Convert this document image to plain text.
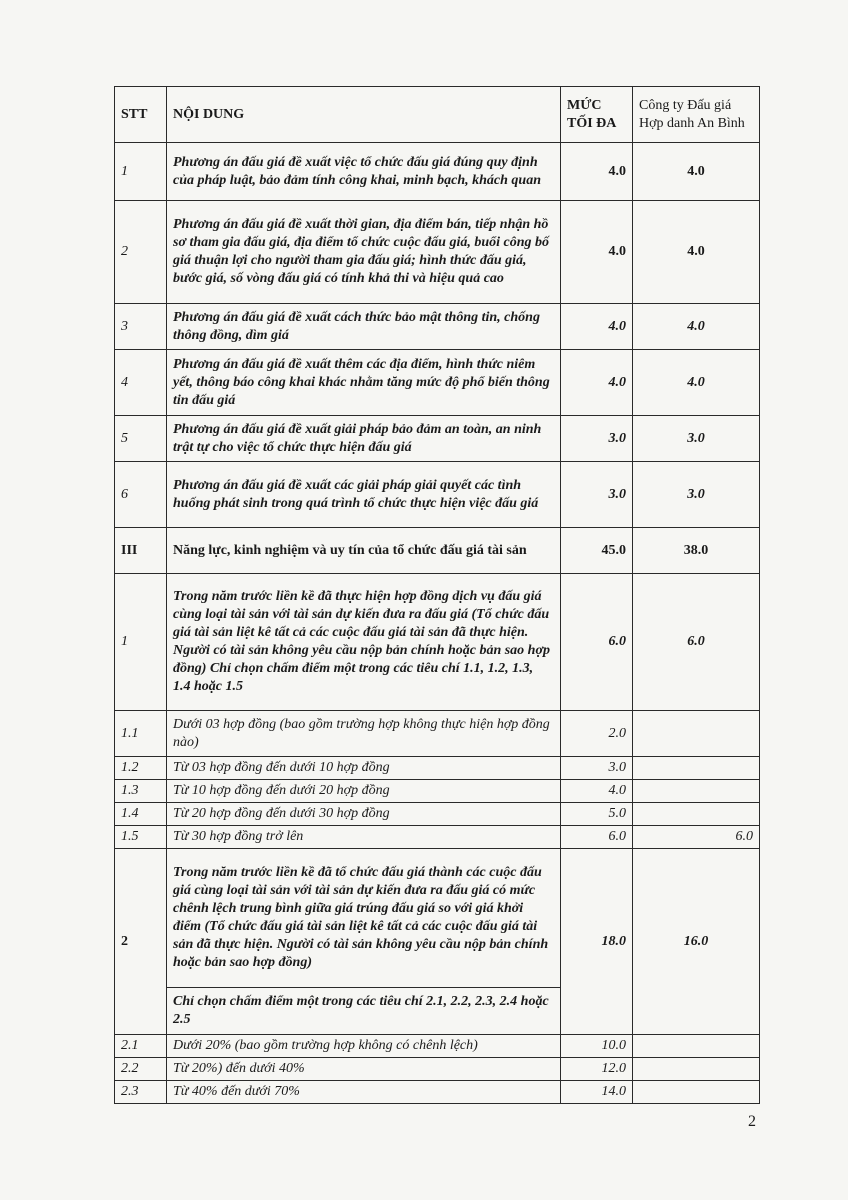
STT	NỘI DUNG	MỨC TỐI ĐA	Công ty Đấu giá Hợp danh An Bình
1	Phương án đấu giá đề xuất việc tổ chức đấu giá đúng quy định của pháp luật, bảo đảm tính công khai, minh bạch, khách quan	4.0	4.0
2	Phương án đấu giá đề xuất thời gian, địa điểm bán, tiếp nhận hồ sơ tham gia đấu giá, địa điểm tổ chức cuộc đấu giá, buổi công bố giá thuận lợi cho người tham gia đấu giá; hình thức đấu giá, bước giá, số vòng đấu giá có tính khả thi và hiệu quả cao	4.0	4.0
3	Phương án đấu giá đề xuất cách thức bảo mật thông tin, chống thông đồng, dìm giá	4.0	4.0
4	Phương án đấu giá đề xuất thêm các địa điểm, hình thức niêm yết, thông báo công khai khác nhằm tăng mức độ phổ biến thông tin đấu giá	4.0	4.0
5	Phương án đấu giá đề xuất giải pháp bảo đảm an toàn, an ninh trật tự cho việc tổ chức thực hiện đấu giá	3.0	3.0
6	Phương án đấu giá đề xuất các giải pháp giải quyết các tình huống phát sinh trong quá trình tổ chức thực hiện việc đấu giá	3.0	3.0
III	Năng lực, kinh nghiệm và uy tín của tổ chức đấu giá tài sản	45.0	38.0
1	Trong năm trước liền kề đã thực hiện hợp đồng dịch vụ đấu giá cùng loại tài sản với tài sản dự kiến đưa ra đấu giá (Tổ chức đấu giá tài sản liệt kê tất cả các cuộc đấu giá tài sản đã thực hiện. Người có tài sản không yêu cầu nộp bản chính hoặc bản sao hợp đồng) Chỉ chọn chấm điểm một trong các tiêu chí 1.1, 1.2, 1.3, 1.4 hoặc 1.5	6.0	6.0
1.1	Dưới 03 hợp đồng (bao gồm trường hợp không thực hiện hợp đồng nào)	2.0	
1.2	Từ 03 hợp đồng đến dưới 10 hợp đồng	3.0	
1.3	Từ 10 hợp đồng đến dưới 20 hợp đồng	4.0	
1.4	Từ 20 hợp đồng đến dưới 30 hợp đồng	5.0	
1.5	Từ 30 hợp đồng trở lên	6.0	6.0
2	Trong năm trước liền kề đã tổ chức đấu giá thành các cuộc đấu giá cùng loại tài sản với tài sản dự kiến đưa ra đấu giá có mức chênh lệch trung bình giữa giá trúng đấu giá so với giá khởi điểm (Tổ chức đấu giá tài sản liệt kê tất cả các cuộc đấu giá tài sản đã thực hiện. Người có tài sản không yêu cầu nộp bản chính hoặc bản sao hợp đồng)	18.0	16.0
	Chỉ chọn chấm điểm một trong các tiêu chí 2.1, 2.2, 2.3, 2.4 hoặc 2.5		
2.1	Dưới 20% (bao gồm trường hợp không có chênh lệch)	10.0	
2.2	Từ 20%) đến dưới 40%	12.0	
2.3	Từ 40% đến dưới 70%	14.0	
2
